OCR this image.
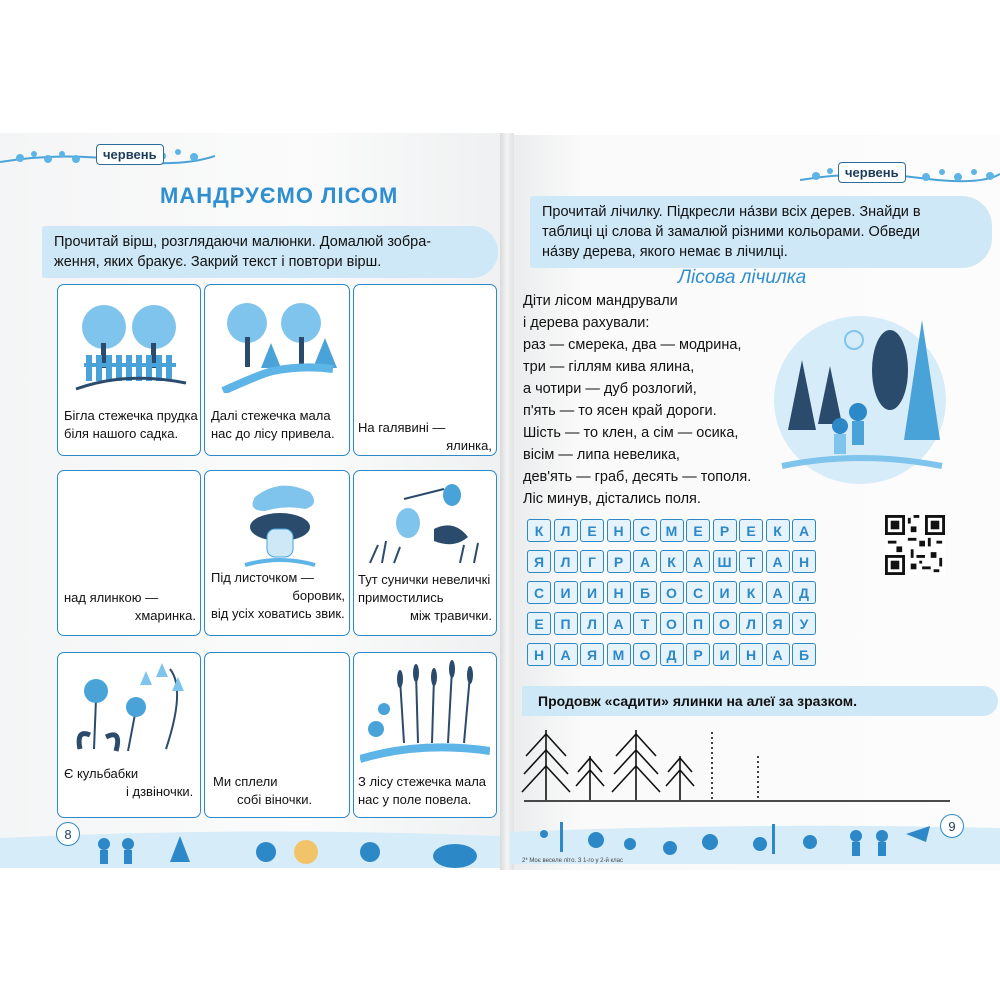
червень
МАНДРУЄМО ЛІСОМ
Прочитай вірш, розглядаючи малюнки. Домалюй зобра-
ження, яких бракує. Закрий текст і повтори вірш.
Бігла стежечка прудка
біля нашого садка.
Далі стежечка мала
нас до лісу привела. На галявині —
ялинка,
над ялинкою —
хмаринка.
Під листочком —
боровик,
від усіх ховатись звик.
Тут сунички невеличкі
примостились
між травички.
Є кульбабки
і дзвіночки.
Ми сплели
собі віночки.
З лісу стежечка мала
нас у поле повела.
8
червень
Прочитай лічилку. Підкресли на́зви всіх дерев. Знайди в
таблиці ці слова й замалюй різними кольорами. Обведи
на́зву дерева, якого немає в лічилці.
Лісова лічилка
Діти лісом мандрували
і дерева рахували:
раз — смерека, два — модрина,
три — гіллям кива ялина,
а чотири — дуб розлогий,
п'ять — то ясен край дороги.
Шість — то клен, а сім — осика,
вісім — липа невелика,
дев'ять — граб, десять — тополя.
Ліс минув, дістались поля.
К	Л	Е	Н	С	М	Е	Р	Е	К	А
Я	Л	Г	Р	А	К	А	Ш	Т	А	Н
С	И	И	Н	Б	О	С	И	К	А	Д
Е	П	Л	А	Т	О	П	О	Л	Я	У
Н	А	Я	М	О	Д	Р	И	Н	А	Б
Продовж «садити» ялинки на алеї за зразком.
9
2* Моє веселе літо. З 1-го у 2-й клас
